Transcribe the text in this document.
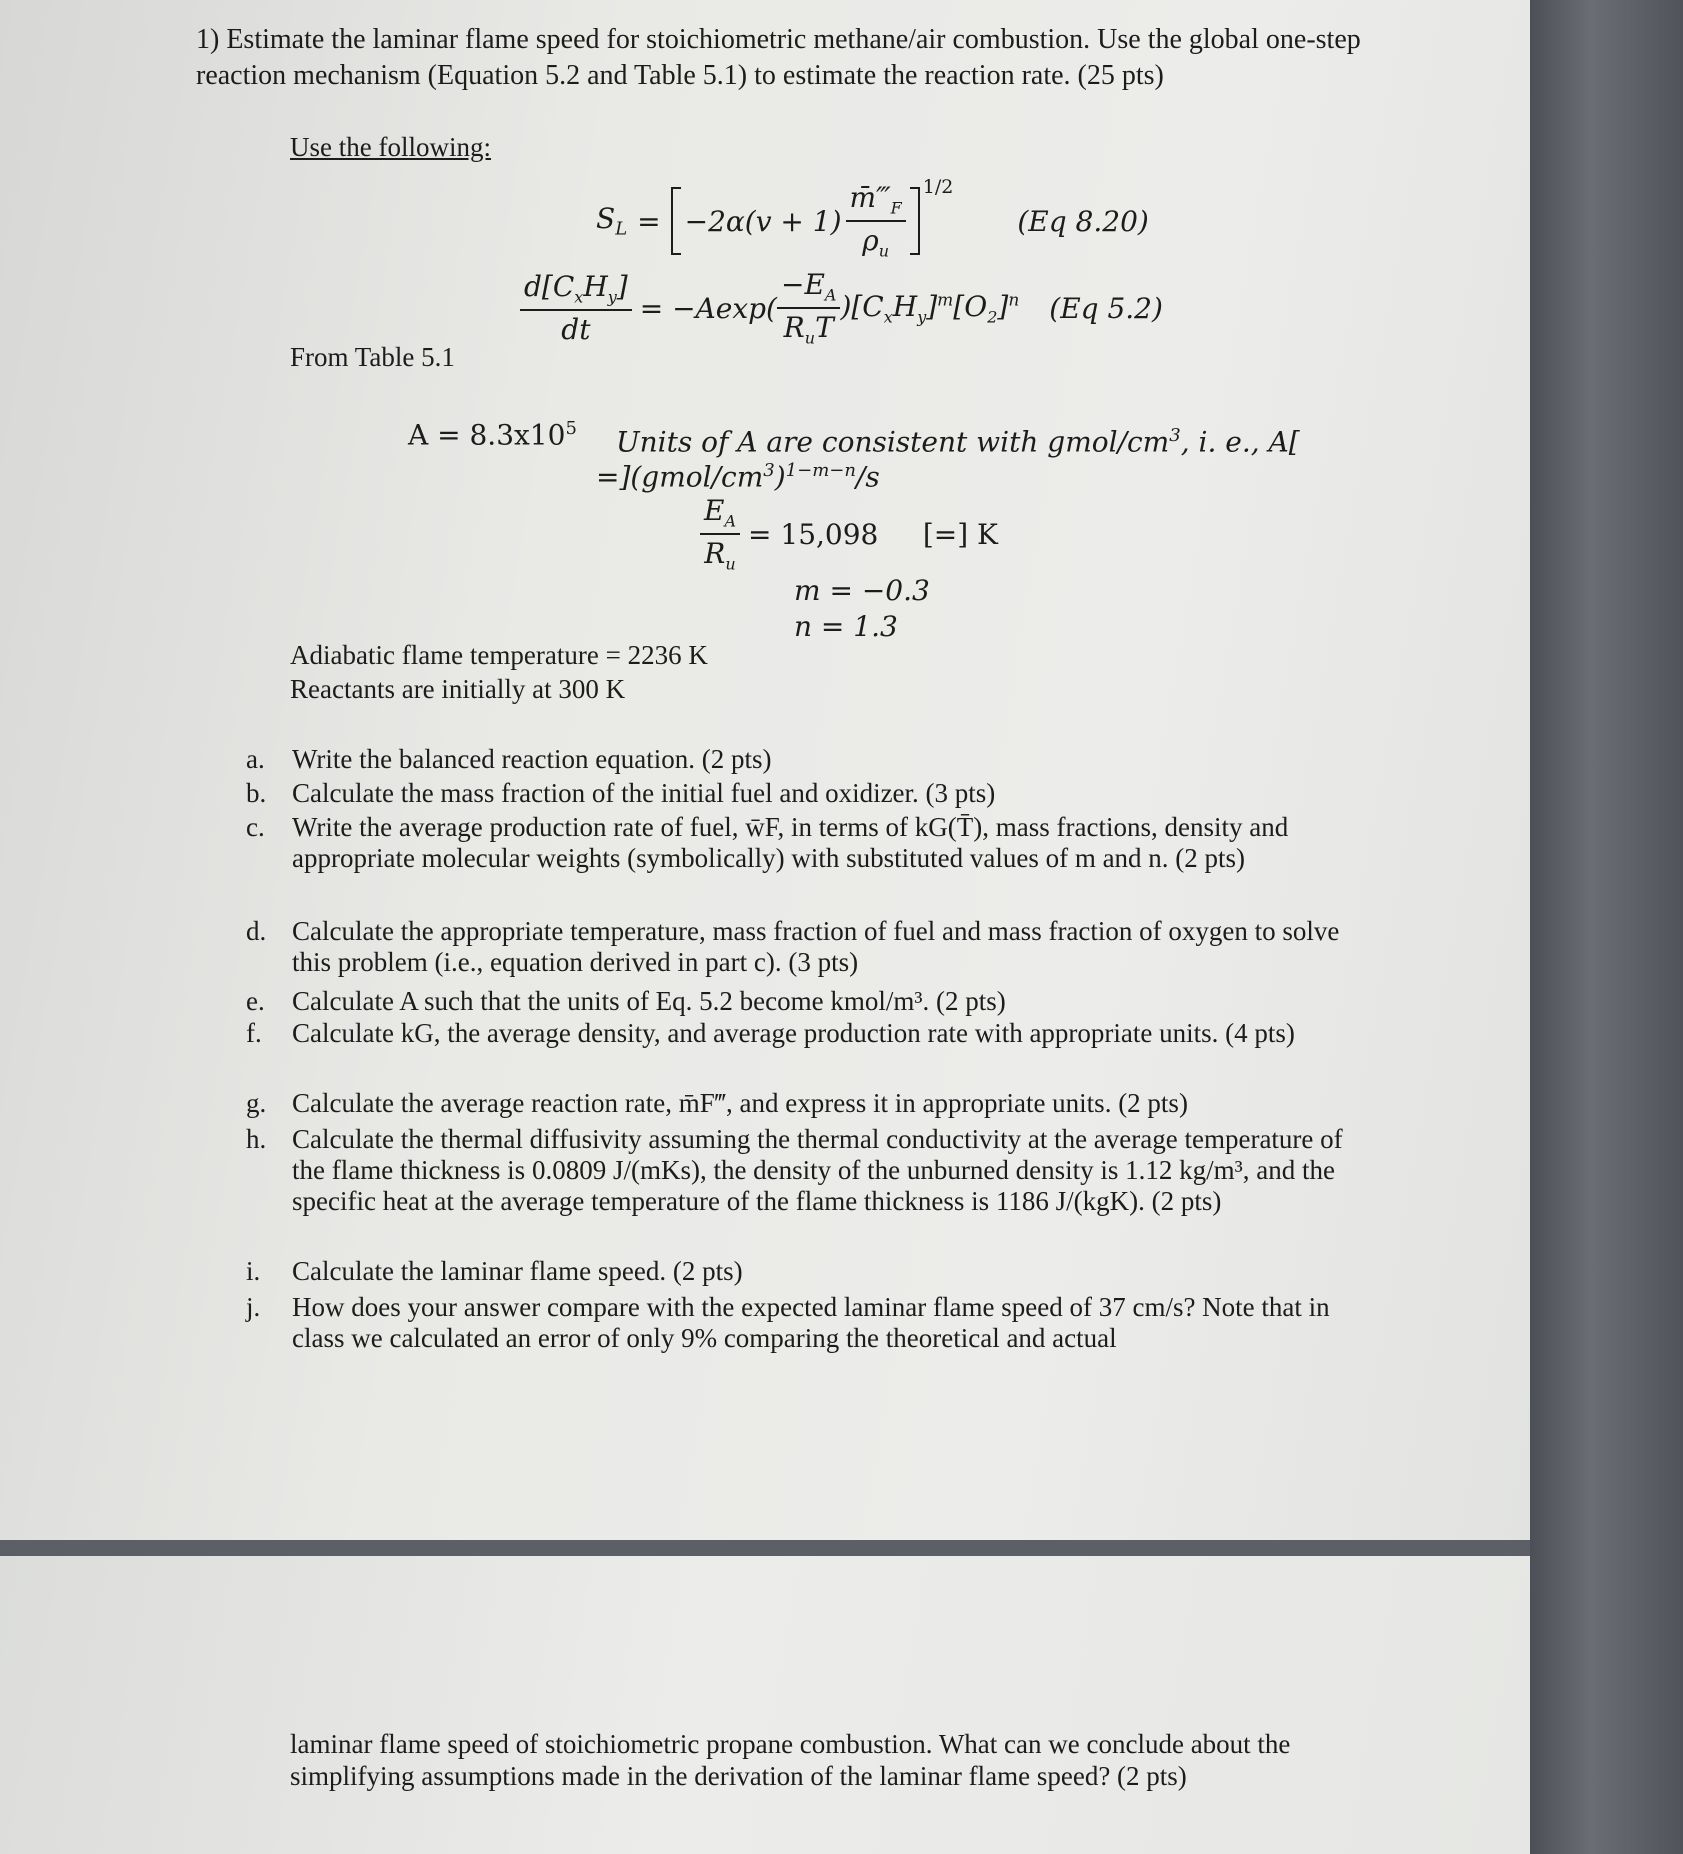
1) Estimate the laminar flame speed for stoichiometric methane/air combustion. Use the global one-step reaction mechanism (Equation 5.2 and Table 5.1) to estimate the reaction rate. (25 pts)
Use the following:
$S_L = -2\alpha(v + 1) \frac{m̄‴_F}{\rho_u} 1/2$
(Eq 8.20)
$\frac{d[C_xH_y]}{dt} = -Aexp( \frac{-E_A}{R_uT} )[C_xH_y]^m[O_2]^n$ (Eq 5.2)
From Table 5.1
$A = 8.3x10^5$ Units of A are consistent with gmol/$cm^3$, i. e., A[
$=](gmol/cm^3)^{1-m-n}/s$
$\frac{E_A}{R_u} = 15,098$     [=] K
m = −0.3
n = 1.3
Adiabatic flame temperature = 2236 K
Reactants are initially at 300 K
a. Write the balanced reaction equation. (2 pts)
b. Calculate the mass fraction of the initial fuel and oxidizer. (3 pts)
c. Write the average production rate of fuel, w̄F, in terms of kG(T̄), mass fractions, density and appropriate molecular weights (symbolically) with substituted values of m and n. (2 pts)
d. Calculate the appropriate temperature, mass fraction of fuel and mass fraction of oxygen to solve this problem (i.e., equation derived in part c). (3 pts)
e. Calculate A such that the units of Eq. 5.2 become kmol/m³. (2 pts)
f. Calculate kG, the average density, and average production rate with appropriate units. (4 pts)
g. Calculate the average reaction rate, m̄F‴, and express it in appropriate units. (2 pts)
h. Calculate the thermal diffusivity assuming the thermal conductivity at the average temperature of the flame thickness is 0.0809 J/(mKs), the density of the unburned density is 1.12 kg/m³, and the specific heat at the average temperature of the flame thickness is 1186 J/(kgK). (2 pts)
i. Calculate the laminar flame speed. (2 pts)
j. How does your answer compare with the expected laminar flame speed of 37 cm/s? Note that in class we calculated an error of only 9% comparing the theoretical and actual
laminar flame speed of stoichiometric propane combustion. What can we conclude about the simplifying assumptions made in the derivation of the laminar flame speed? (2 pts)
